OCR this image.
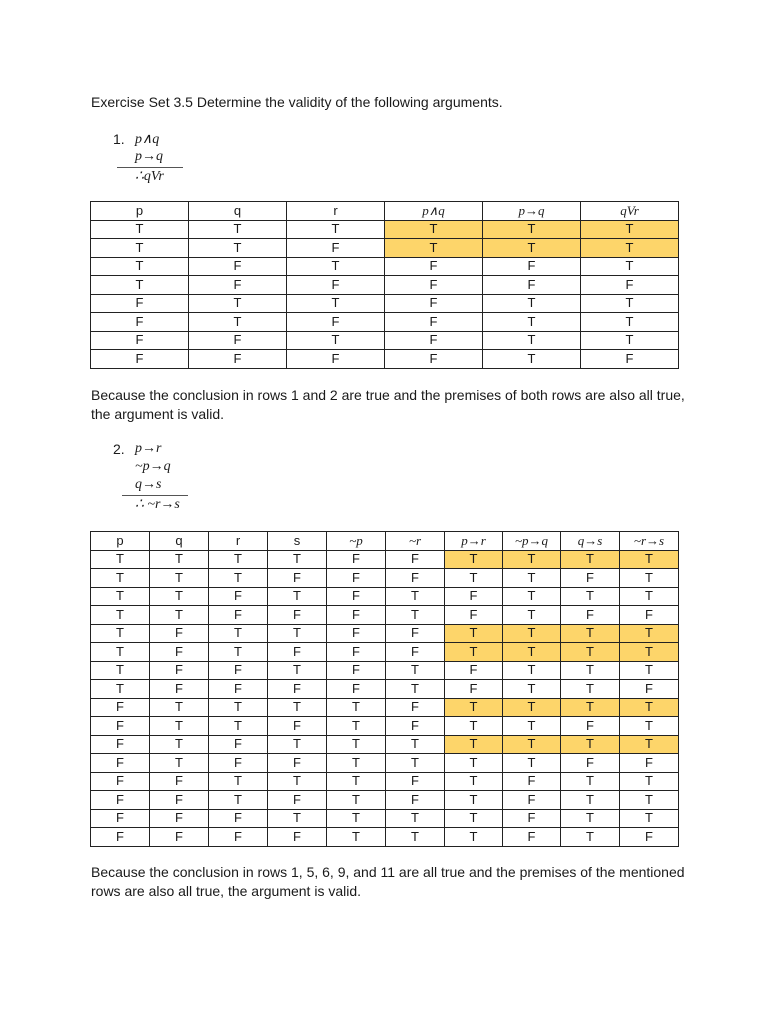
Exercise Set 3.5 Determine the validity of the following arguments.
1. p∧q
p→q
∴qVr
p	q	r	p∧q	p→q	qVr
T	T	T	T	T	T
T	T	F	T	T	T
T	F	T	F	F	T
T	F	F	F	F	F
F	T	T	F	T	T
F	T	F	F	T	T
F	F	T	F	T	T
F	F	F	F	T	F
Because the conclusion in rows 1 and 2 are true and the premises of both rows are also all true, the argument is valid.
2. p→r
~p→q
q→s
∴ ~r→s
p	q	r	s	~p	~r	p→r	~p→q	q→s	~r→s
T	T	T	T	F	F	T	T	T	T
T	T	T	F	F	F	T	T	F	T
T	T	F	T	F	T	F	T	T	T
T	T	F	F	F	T	F	T	F	F
T	F	T	T	F	F	T	T	T	T
T	F	T	F	F	F	T	T	T	T
T	F	F	T	F	T	F	T	T	T
T	F	F	F	F	T	F	T	T	F
F	T	T	T	T	F	T	T	T	T
F	T	T	F	T	F	T	T	F	T
F	T	F	T	T	T	T	T	T	T
F	T	F	F	T	T	T	T	F	F
F	F	T	T	T	F	T	F	T	T
F	F	T	F	T	F	T	F	T	T
F	F	F	T	T	T	T	F	T	T
F	F	F	F	T	T	T	F	T	F
Because the conclusion in rows 1, 5, 6, 9, and 11 are all true and the premises of the mentioned rows are also all true, the argument is valid.
